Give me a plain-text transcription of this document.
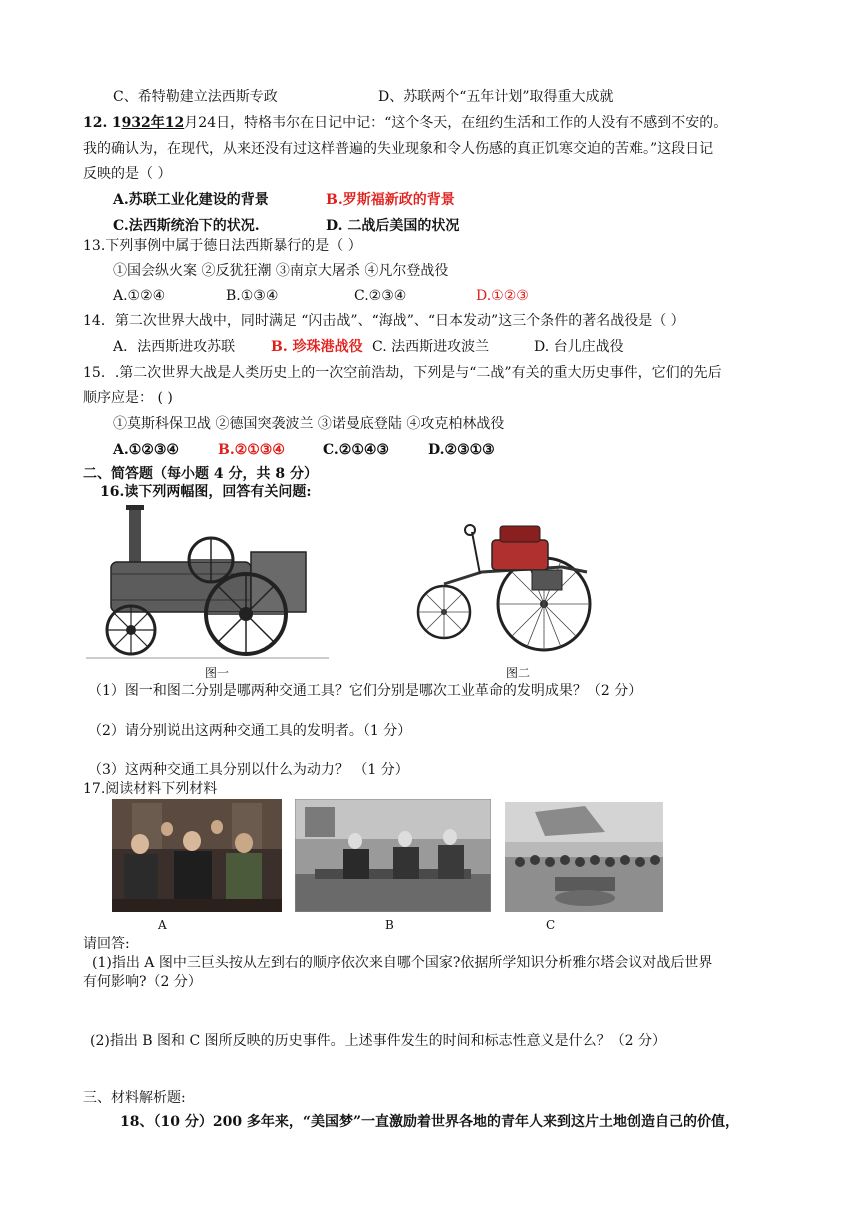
C、希特勒建立法西斯专政	D、苏联两个“五年计划”取得重大成就
12. 1932年12月24日，特格韦尔在日记中记：“这个冬天，在纽约生活和工作的人没有不感到不安的。
我的确认为，在现代，从来还没有过这样普遍的失业现象和令人伤感的真正饥寒交迫的苦难。”这段日记
反映的是（ ）
A.苏联工业化建设的背景	B.罗斯福新政的背景
C.法西斯统治下的状况.	D. 二战后美国的状况
13.下列事例中属于德日法西斯暴行的是（ ）
①国会纵火案 ②反犹狂潮 ③南京大屠杀 ④凡尔登战役
A.①②④	B.①③④	C.②③④	D.①②③
14．第二次世界大战中，同时满足 “闪击战”、“海战”、“日本发动”这三个条件的著名战役是（ ）
A．法西斯进攻苏联	B. 珍珠港战役 C. 法西斯进攻波兰	D. 台儿庄战役
15．.第二次世界大战是人类历史上的一次空前浩劫，下列是与“二战”有关的重大历史事件，它们的先后
顺序应是： ( )
①莫斯科保卫战 ②德国突袭波兰 ③诺曼底登陆 ④攻克柏林战役
A.①②③④	B.②①③④	C.②①④③	D.②③①③
二、简答题（每小题 4 分，共 8 分）
16.读下列两幅图，回答有关问题:
图一	图二
（1）图一和图二分别是哪两种交通工具？它们分别是哪次工业革命的发明成果？（2 分）
（2）请分别说出这两种交通工具的发明者。（1 分）
（3）这两种交通工具分别以什么为动力？ （1 分）
17.阅读材料下列材料
A	B	C
请回答:
(1)指出 A 图中三巨头按从左到右的顺序依次来自哪个国家?依据所学知识分析雅尔塔会议对战后世界
有何影响?（2 分）
(2)指出 B 图和 C 图所反映的历史事件。上述事件发生的时间和标志性意义是什么？（2 分）
三、材料解析题:
18、（10 分）200 多年来，“美国梦”一直激励着世界各地的青年人来到这片土地创造自己的价值，
